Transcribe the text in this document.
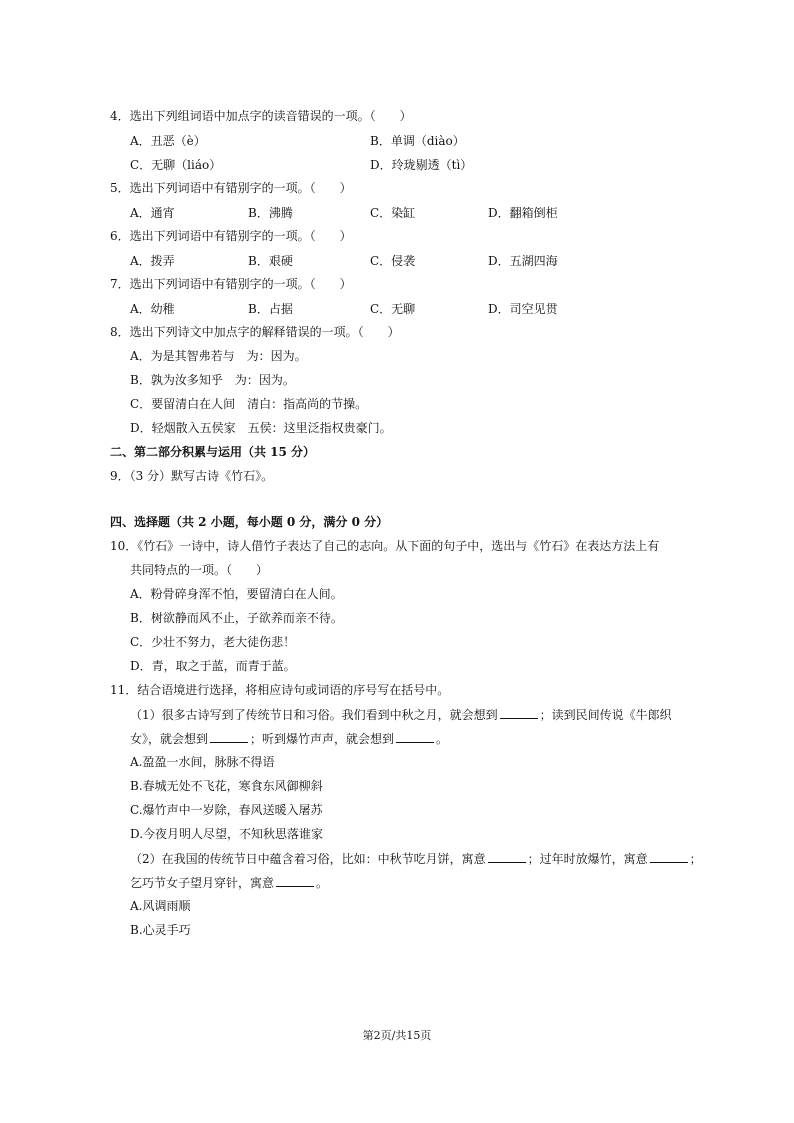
4．选出下列组词语中加点字的读音错误的一项。（　　）
A．丑恶（è）	B．单调（diào）
C．无聊（liáo）	D．玲珑剔透（tì）
5．选出下列词语中有错别字的一项。（　　）
A．通宵	B．沸腾	C．染缸	D．翻箱倒柜
6．选出下列词语中有错别字的一项。（　　）
A．拨弄	B．艰硬	C．侵袭	D．五湖四海
7．选出下列词语中有错别字的一项。（　　）
A．幼稚	B．占据	C．无聊	D．司空见贯
8．选出下列诗文中加点字的解释错误的一项。（　　）
A．为是其智弗若与　为：因为。
B．孰为汝多知乎　为：因为。
C．要留清白在人间　清白：指高尚的节操。
D．轻烟散入五侯家　五侯：这里泛指权贵豪门。
二、第二部分积累与运用（共 15 分）
9．（3 分）默写古诗《竹石》。
四、选择题（共 2 小题，每小题 0 分，满分 0 分）
10．《竹石》一诗中，诗人借竹子表达了自己的志向。从下面的句子中，选出与《竹石》在表达方法上有
共同特点的一项。（　　）
A．粉骨碎身浑不怕，要留清白在人间。
B．树欲静而风不止，子欲养而亲不待。
C．少壮不努力，老大徒伤悲！
D．青，取之于蓝，而青于蓝。
11．结合语境进行选择，将相应诗句或词语的序号写在括号中。
（1）很多古诗写到了传统节日和习俗。我们看到中秋之月，就会想到	；读到民间传说《牛郎织
女》，就会想到	；听到爆竹声声，就会想到	。
A.盈盈一水间，脉脉不得语
B.春城无处不飞花，寒食东风御柳斜
C.爆竹声中一岁除，春风送暖入屠苏
D.今夜月明人尽望，不知秋思落谁家
（2）在我国的传统节日中蕴含着习俗，比如：中秋节吃月饼，寓意	；过年时放爆竹，寓意	；
乞巧节女子望月穿针，寓意	。
A.风调雨顺
B.心灵手巧
第2页/共15页
